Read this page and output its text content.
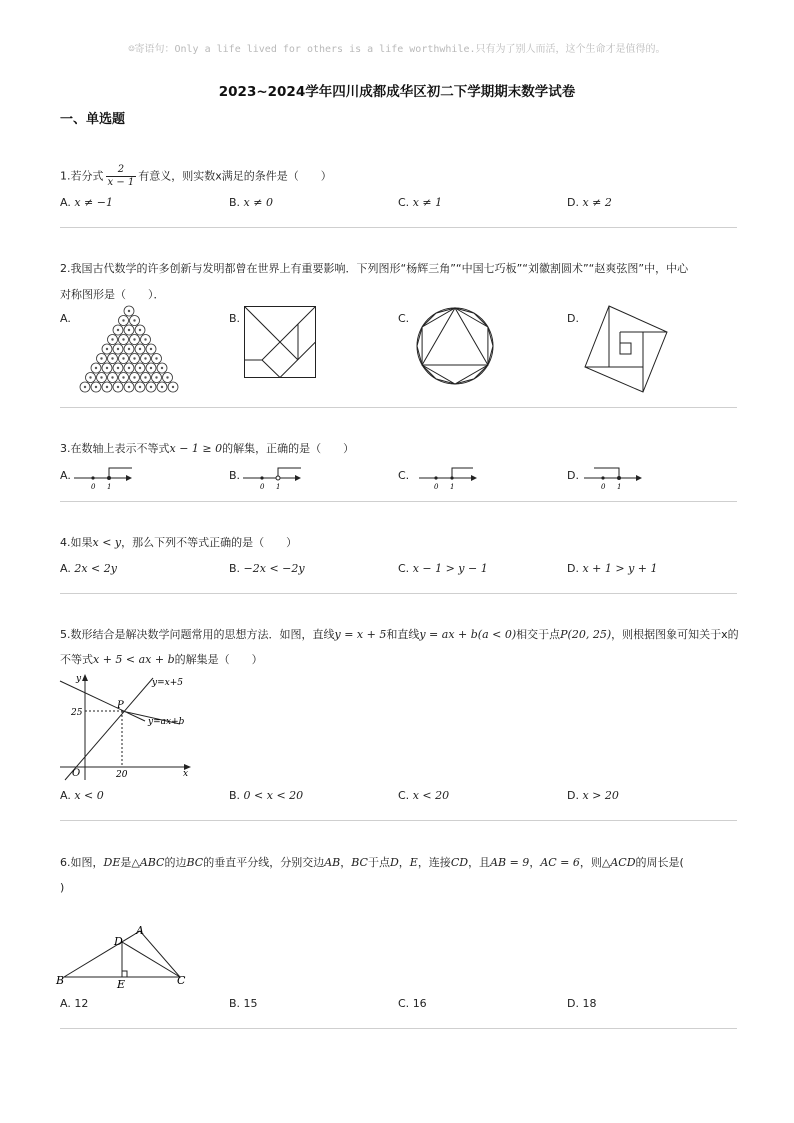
☺寄语句：Only a life lived for others is a life worthwhile.只有为了别人而活，这个生命才是值得的。
2023~2024学年四川成都成华区初二下学期期末数学试卷
一、单选题
1.若分式 $\frac{2}{x - 1}$ 有意义，则实数x满足的条件是（　　）
A. x ≠ −1	B. x ≠ 0	C. x ≠ 1	D. x ≠ 2
2.我国古代数学的许多创新与发明都曾在世界上有重要影响．下列图形“杨辉三角”“中国七巧板”“刘徽割圆术”“赵爽弦图”中，中心
对称图形是（　　）．
A.	B.	C.	D.
3.在数轴上表示不等式x − 1 ≥ 0的解集，正确的是（　　）
A.	B.	C.	D.
0 1	0 1	0 1	0 1
4.如果x < y，那么下列不等式正确的是（　　）
A. 2x < 2y	B. −2x < −2y	C. x − 1 > y − 1	D. x + 1 > y + 1
5.数形结合是解决数学问题常用的思想方法．如图，直线y = x + 5和直线y = ax + b(a < 0)相交于点P(20, 25)，则根据图象可知关于x的
不等式x + 5 < ax + b的解集是（　　）
y
x
O
P
25
20
y=x+5
y=ax+b
A. x < 0	B. 0 < x < 20	C. x < 20	D. x > 20
6.如图，DE是△ABC的边BC的垂直平分线，分别交边AB，BC于点D，E，连接CD，且AB = 9，AC = 6，则△ACD的周长是(
)
A
B	C
D
E
A. 12	B. 15	C. 16	D. 18
